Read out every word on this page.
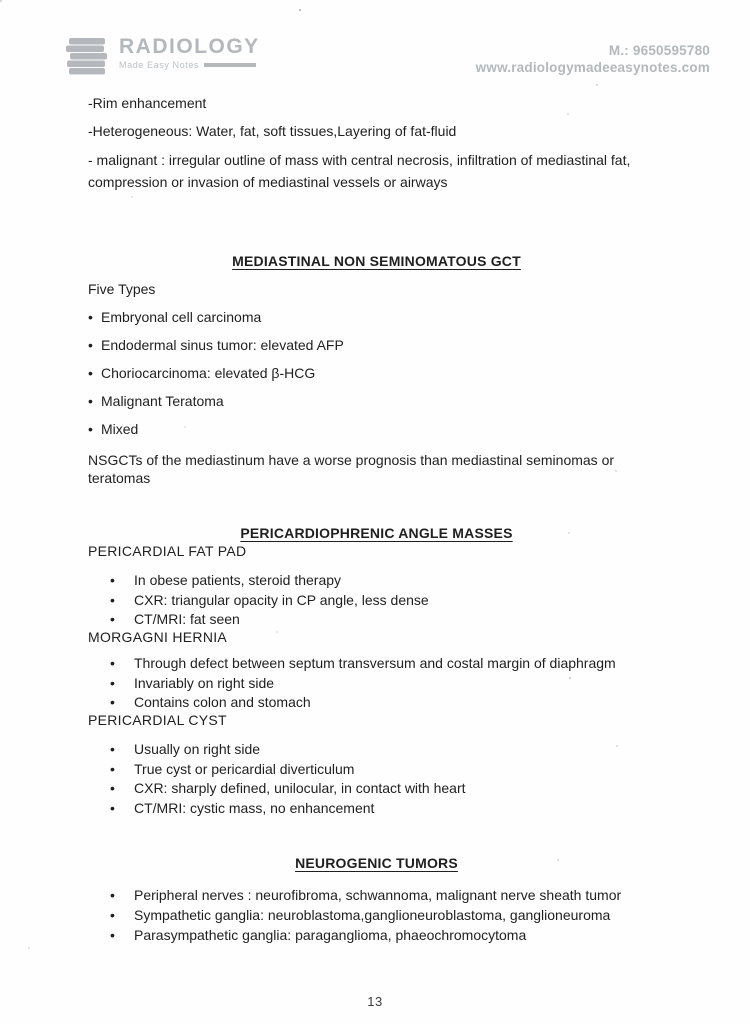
RADIOLOGY
Made Easy Notes
M.: 9650595780
www.radiologymadeeasynotes.com

-Rim enhancement

-Heterogeneous: Water, fat, soft tissues,Layering of fat-fluid

- malignant : irregular outline of mass with central necrosis, infiltration of mediastinal fat, compression or invasion of mediastinal vessels or airways

MEDIASTINAL NON SEMINOMATOUS GCT

Five Types

• Embryonal cell carcinoma
• Endodermal sinus tumor: elevated AFP
• Choriocarcinoma: elevated β-HCG
• Malignant Teratoma
• Mixed

NSGCTs of the mediastinum have a worse prognosis than mediastinal seminomas or teratomas

PERICARDIOPHRENIC ANGLE MASSES
PERICARDIAL FAT PAD
• In obese patients, steroid therapy
• CXR: triangular opacity in CP angle, less dense
• CT/MRI: fat seen
MORGAGNI HERNIA
• Through defect between septum transversum and costal margin of diaphragm
• Invariably on right side
• Contains colon and stomach
PERICARDIAL CYST
• Usually on right side
• True cyst or pericardial diverticulum
• CXR: sharply defined, unilocular, in contact with heart
• CT/MRI: cystic mass, no enhancement
NEUROGENIC TUMORS
• Peripheral nerves : neurofibroma, schwannoma, malignant nerve sheath tumor
• Sympathetic ganglia: neuroblastoma,ganglioneuroblastoma, ganglioneuroma
• Parasympathetic ganglia: paraganglioma, phaeochromocytoma
13
